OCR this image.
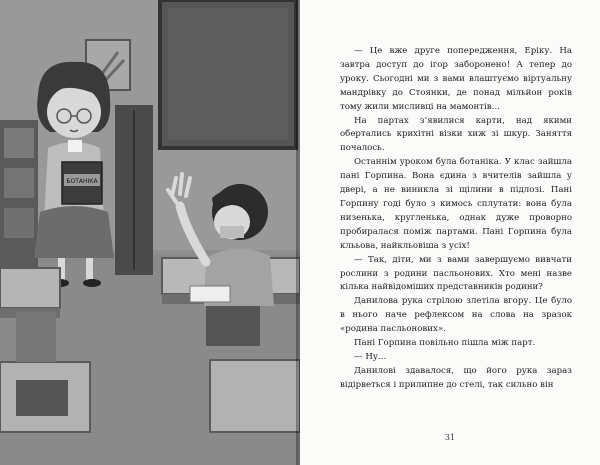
БОТАНІКА

— Це вже друге попередження, Еріку. На завтра доступ до ігор заборонено! А тепер до уроку. Сьогодні ми з вами влаштуємо віртуальну мандрівку до Стоянки, де понад мільйон років тому жили мисливці на мамонтів…

На партах з’явилися карти, над якими обертались крихітні візки хиж зі шкур. Заняття почалось.

Останнім уроком була ботаніка. У клас зайшла пані Горпина. Вона єдина з вчителів зайшла у двері, а не виникла зі щілини в підлозі. Пані Горпину годі було з кимось сплутати: вона була низенька, кругленька, однак дуже проворно пробиралася поміж партами. Пані Горпина була клььова, найкльовіша з усіх!

— Так, діти, ми з вами завершуємо вивчати рослини з родини пасльонових. Хто мені назве кілька найвідоміших представників родини?

Данилова рука стрілою злетіла вгору. Це було в нього наче рефлексом на слова на зразок «родина пасльонових».

Пані Горпина повільно пішла між парт.

— Ну…

Даниловi здавалося, що його рука зараз відірветься і прилипне до стелі, так сильно він

31
